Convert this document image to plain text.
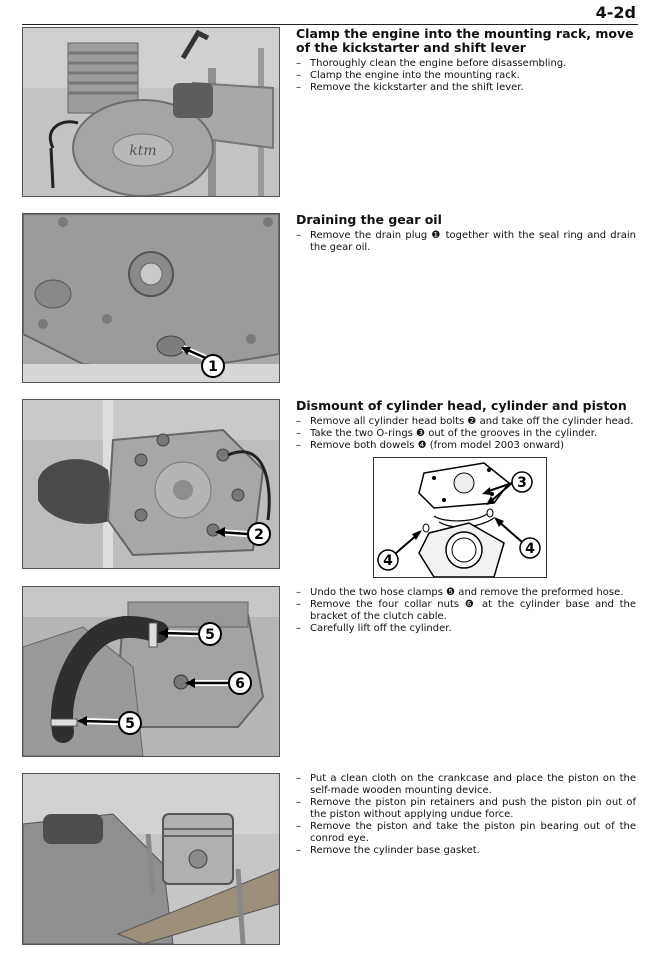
4-2d
ktm

Clamp the engine into the mounting rack, move of the kickstarter and shift lever

– Thoroughly clean the engine before disassembling.
– Clamp the engine into the mounting rack.
– Remove the kickstarter and the shift lever.
1

Draining the gear oil

– Remove the drain plug ❶ together with the seal ring and drain the gear oil.
2

Dismount of cylinder head, cylinder and piston

– Remove all cylinder head bolts ❷ and take off the cylinder head.
– Take the two O-rings ❸ out of the grooves in the cylinder.
– Remove both dowels ❹ (from model 2003 onward)
3
4
4
5
6
5
– Undo the two hose clamps ❺ and remove the preformed hose.
– Remove the four collar nuts ❻ at the cylinder base and the bracket of the clutch cable.
– Carefully lift off the cylinder.
– Put a clean cloth on the crankcase and place the piston on the self-made wooden mounting device.
– Remove the piston pin retainers and push the piston pin out of the piston without applying undue force.
– Remove the piston and take the piston pin bearing out of the conrod eye.
– Remove the cylinder base gasket.
